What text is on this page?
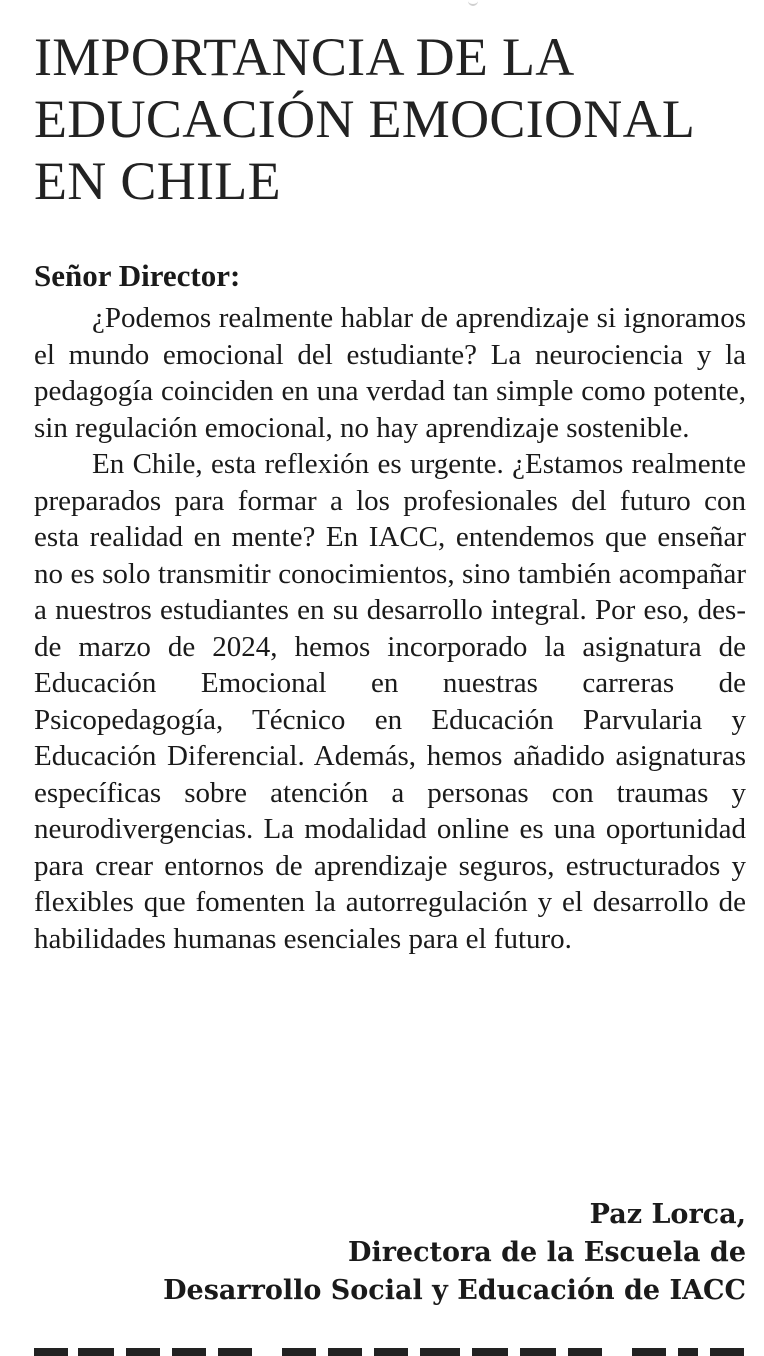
IMPORTANCIA DE LA
EDUCACIÓN EMOCIONAL
EN CHILE
Señor Director:

¿Podemos realmente hablar de aprendizaje si ignoramos el mundo emocional del estudiante? La neurociencia y la pedagogía coinciden en una verdad tan simple como potente, sin regulación emocional, no hay aprendizaje sostenible.

En Chile, esta reflexión es urgente. ¿Estamos realmente preparados para formar a los profesionales del futuro con esta realidad en mente? En IACC, entendemos que enseñar no es solo transmitir conocimientos, sino también acompañar a nuestros estudiantes en su desarrollo integral. Por eso, desde marzo de 2024, hemos incorporado la asignatura de Educación Emocional en nuestras carreras de Psicopedagogía, Técnico en Educación Parvularia y Educación Diferencial. Además, hemos añadido asignaturas específicas sobre atención a personas con traumas y neurodivergencias. La modalidad online es una oportunidad para crear entornos de aprendizaje seguros, estructurados y flexibles que fomenten la autorregulación y el desarrollo de habilidades humanas esenciales para el futuro.

Paz Lorca,
Directora de la Escuela de
Desarrollo Social y Educación de IACC
